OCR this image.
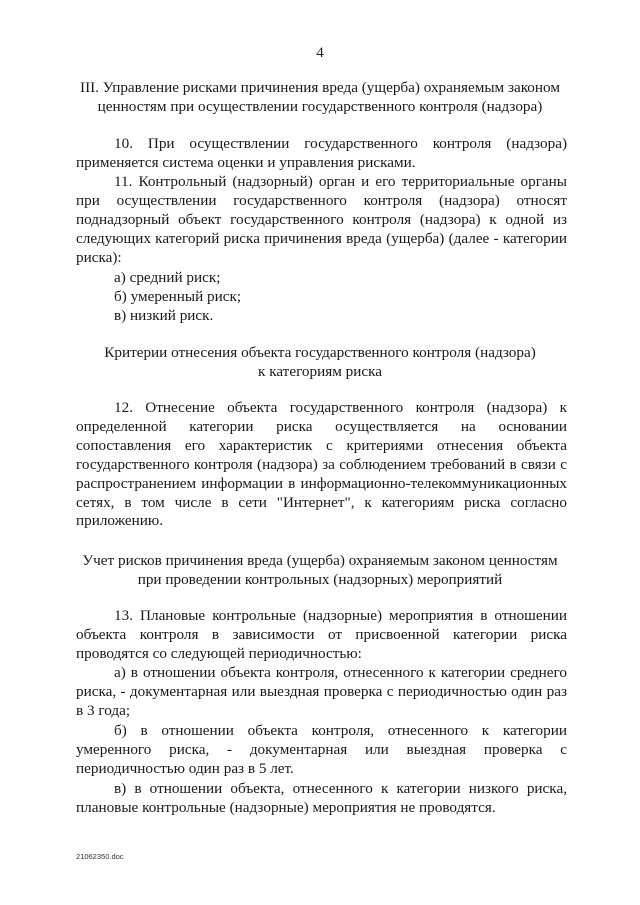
4
III. Управление рисками причинения вреда (ущерба) охраняемым законом
ценностям при осуществлении государственного контроля (надзора)
10. При осуществлении государственного контроля (надзора)
применяется система оценки и управления рисками.
11. Контрольный (надзорный) орган и его территориальные органы
при осуществлении государственного контроля (надзора) относят
поднадзорный объект государственного контроля (надзора) к одной из
следующих категорий риска причинения вреда (ущерба) (далее - категории
риска):
а) средний риск;
б) умеренный риск;
в) низкий риск.
Критерии отнесения объекта государственного контроля (надзора)
к категориям риска
12. Отнесение объекта государственного контроля (надзора) к
определенной категории риска осуществляется на основании
сопоставления его характеристик с критериями отнесения объекта
государственного контроля (надзора) за соблюдением требований в связи с
распространением информации в информационно-телекоммуникационных
сетях, в том числе в сети "Интернет", к категориям риска согласно
приложению.
Учет рисков причинения вреда (ущерба) охраняемым законом ценностям
при проведении контрольных (надзорных) мероприятий
13. Плановые контрольные (надзорные) мероприятия в отношении
объекта контроля в зависимости от присвоенной категории риска
проводятся со следующей периодичностью:
а) в отношении объекта контроля, отнесенного к категории среднего
риска, - документарная или выездная проверка с периодичностью один раз
в 3 года;
б) в отношении объекта контроля, отнесенного к категории
умеренного риска, - документарная или выездная проверка с
периодичностью один раз в 5 лет.
в) в отношении объекта, отнесенного к категории низкого риска,
плановые контрольные (надзорные) мероприятия не проводятся.
21062350.doc
